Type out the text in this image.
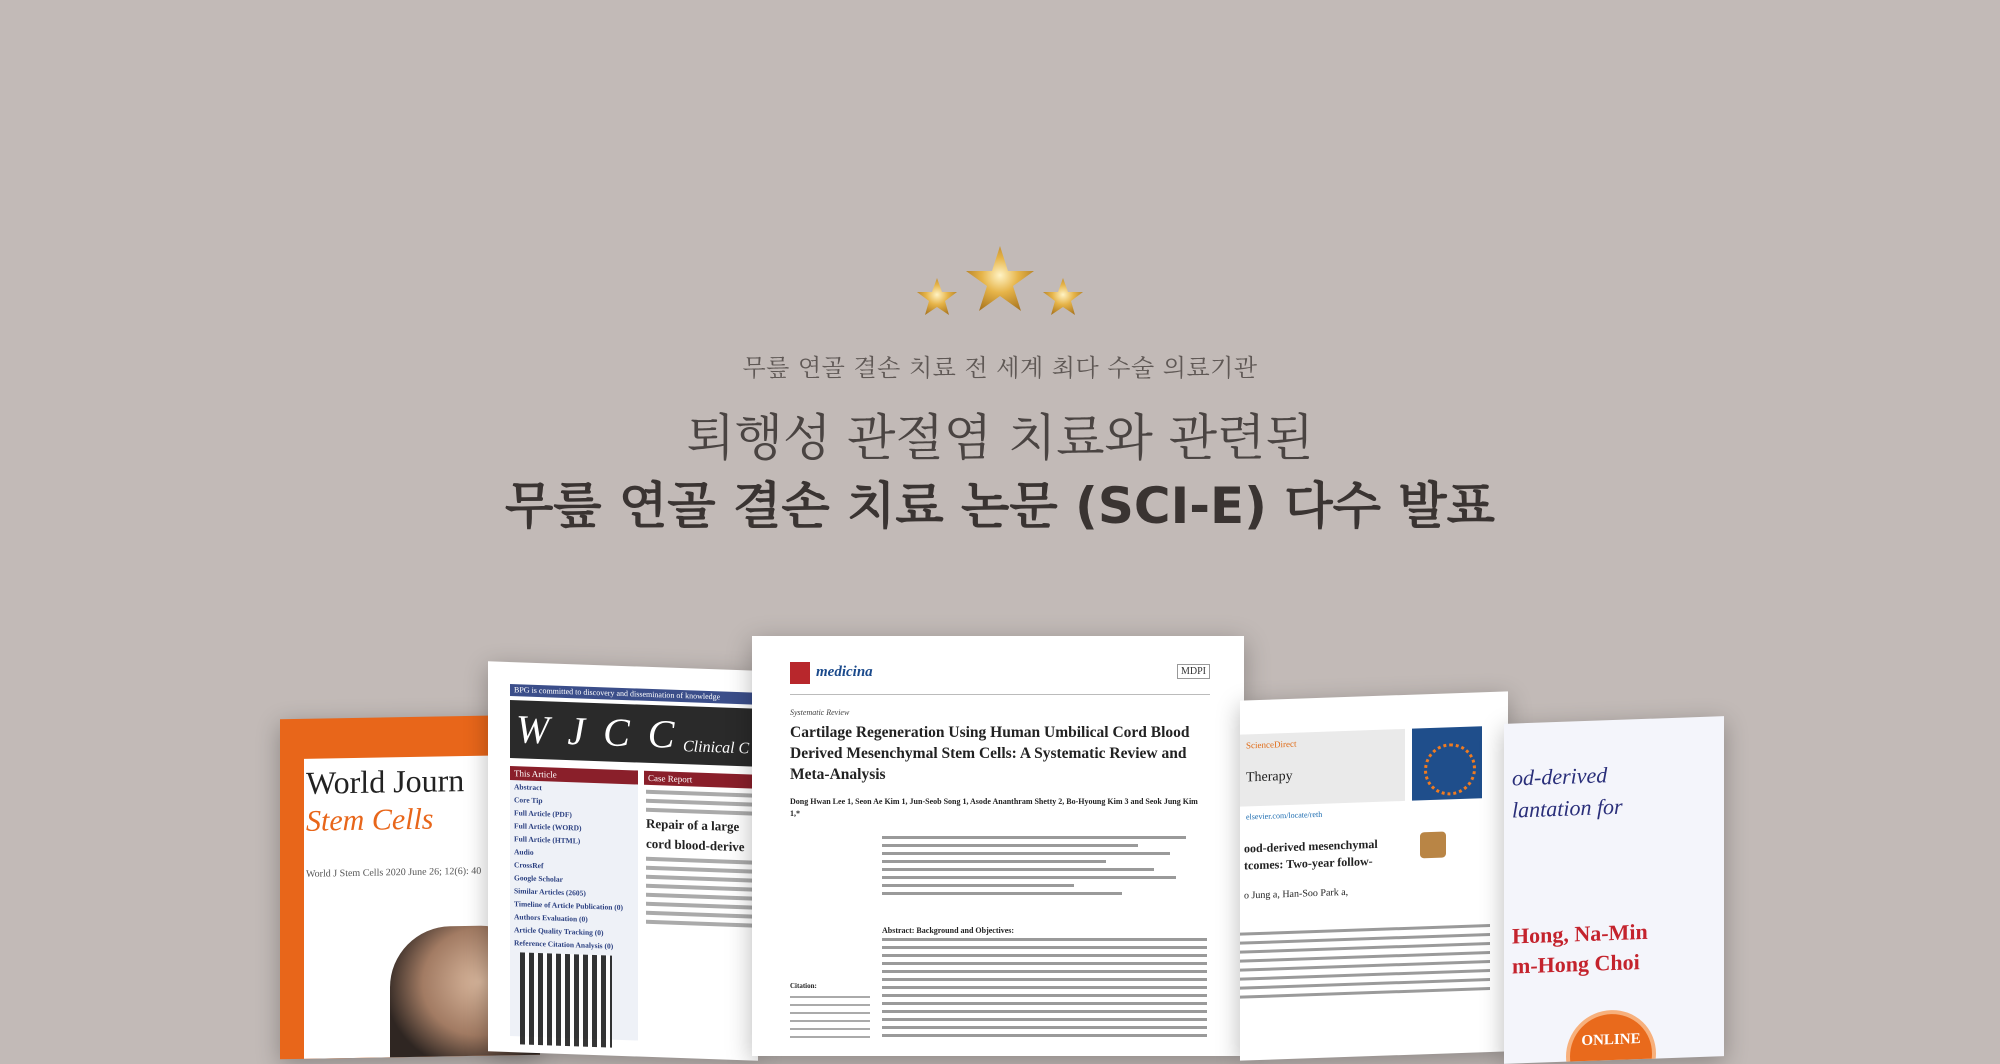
무릎 연골 결손 치료 전 세계 최다 수술 의료기관
퇴행성 관절염 치료와 관련된
무릎 연골 결손 치료 논문 (SCI-E) 다수 발표
World Journ
Stem Cells
World J Stem Cells 2020 June 26; 12(6): 40
BPG is committed to discovery and dissemination of knowledge
WJCC
Clinical C
This Article
Abstract
Core Tip
Full Article (PDF)
Full Article (WORD)
Full Article (HTML)
Audio
CrossRef
Google Scholar
Similar Articles (2605)
Timeline of Article Publication (0)
Authors Evaluation (0)
Article Quality Tracking (0)
Reference Citation Analysis (0)
Case Report
Repair of a large
cord blood-derive
medicina	MDPI
Systematic Review
Cartilage Regeneration Using Human Umbilical Cord Blood Derived Mesenchymal Stem Cells: A Systematic Review and Meta-Analysis
Dong Hwan Lee 1, Seon Ae Kim 1, Jun-Seob Song 1, Asode Ananthram Shetty 2, Bo-Hyoung Kim 3 and Seok Jung Kim 1,*
Abstract: Background and Objectives:
Citation:
ScienceDirect
Therapy
elsevier.com/locate/reth
ood-derived mesenchymal
tcomes: Two-year follow-
o Jung a, Han-Soo Park a,
od-derived
lantation for
Hong, Na-Min
m-Hong Choi
ONLINE
